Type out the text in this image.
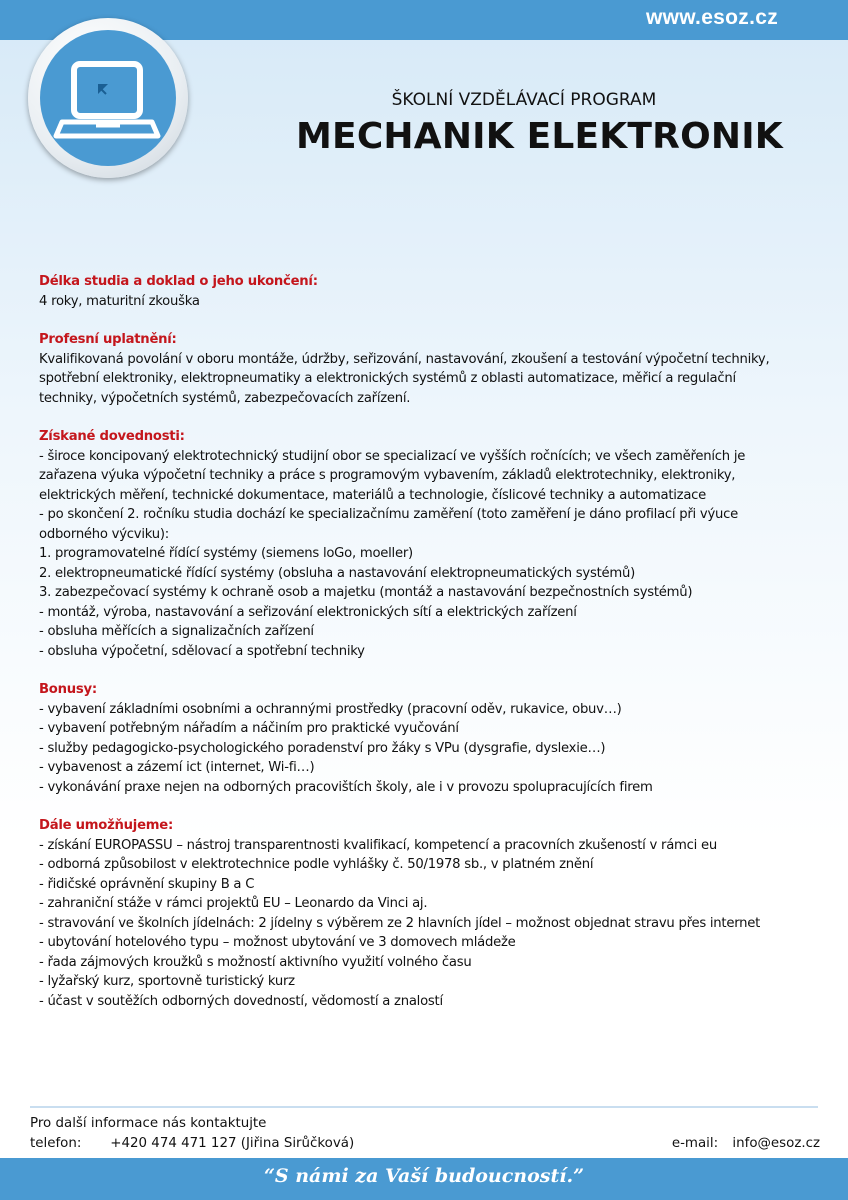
www.esoz.cz
ŠKOLNÍ VZDĚLÁVACÍ PROGRAM
MECHANIK ELEKTRONIK
Délka studia a doklad o jeho ukončení:
4 roky, maturitní zkouška
Profesní uplatnění:
Kvalifikovaná povolání v oboru montáže, údržby, seřizování, nastavování, zkoušení a testování výpočetní techniky,
spotřební elektroniky, elektropneumatiky a elektronických systémů z oblasti automatizace, měřicí a regulační
techniky, výpočetních systémů, zabezpečovacích zařízení.
Získané dovednosti:
- široce koncipovaný elektrotechnický studijní obor se specializací ve vyšších ročnících; ve všech zaměřeních je
zařazena výuka výpočetní techniky a práce s programovým vybavením, základů elektrotechniky, elektroniky,
elektrických měření, technické dokumentace, materiálů a technologie, číslicové techniky a automatizace
- po skončení 2. ročníku studia dochází ke specializačnímu zaměření (toto zaměření je dáno profilací při výuce
odborného výcviku):
1. programovatelné řídící systémy (siemens loGo, moeller)
2. elektropneumatické řídící systémy (obsluha a nastavování elektropneumatických systémů)
3. zabezpečovací systémy k ochraně osob a majetku (montáž a nastavování bezpečnostních systémů)
- montáž, výroba, nastavování a seřizování elektronických sítí a elektrických zařízení
- obsluha měřících a signalizačních zařízení
- obsluha výpočetní, sdělovací a spotřební techniky
Bonusy:
- vybavení základními osobními a ochrannými prostředky (pracovní oděv, rukavice, obuv…)
- vybavení potřebným nářadím a náčiním pro praktické vyučování
- služby pedagogicko-psychologického poradenství pro žáky s VPu (dysgrafie, dyslexie…)
- vybavenost a zázemí ict (internet, Wi-fi…)
- vykonávání praxe nejen na odborných pracovištích školy, ale i v provozu spolupracujících firem
Dále umožňujeme:
- získání EUROPASSU – nástroj transparentnosti kvalifikací, kompetencí a pracovních zkušeností v rámci eu
- odborná způsobilost v elektrotechnice podle vyhlášky č. 50/1978 sb., v platném znění
- řidičské oprávnění skupiny B a C
- zahraniční stáže v rámci projektů EU – Leonardo da Vinci aj.
- stravování ve školních jídelnách: 2 jídelny s výběrem ze 2 hlavních jídel – možnost objednat stravu přes internet
- ubytování hotelového typu – možnost ubytování ve 3 domovech mládeže
- řada zájmových kroužků s možností aktivního využití volného času
- lyžařský kurz, sportovně turistický kurz
- účast v soutěžích odborných dovedností, vědomostí a znalostí
Pro další informace nás kontaktujte
telefon: +420 474 471 127 (Jiřina Sirůčková)	e-mail: info@esoz.cz
“S námi za Vaší budoucností.”
